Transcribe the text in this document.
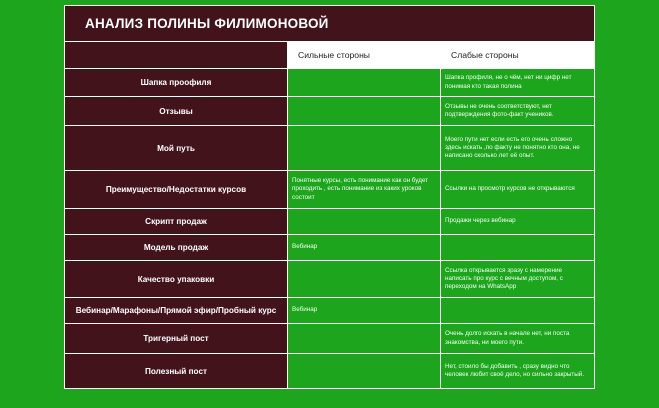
АНАЛИЗ ПОЛИНЫ ФИЛИМОНОВОЙ
	Сильные стороны	Слабые стороны
Шапка проофиля		Шапка профиля, не о чём, нет ни цифр нет понимая кто такая полина
Отзывы		Отзывы не очень соответствуют, нет подтверждения фото-факт учеников.
Мой путь		Моего пути нет если есть его очень сложно здесь искать ,по факту не понятно кто она, не написано сколько лет её опыт.
Преимущество/Недостатки курсов	Понятные курсы, есть понимание как он будет проходить , есть понимание из каких уроков состоит	Ссылки на просмотр курсов не открываются
Скрипт продаж		Продажи через вебинар
Модель продаж	Вебинар	
Качество упаковки		Ссылка открывается зразу с намерение написать про курс с вечным доступом, с переходом на WhatsApp
Вебинар/Марафоны/Прямой эфир/Пробный курс	Вебинар	
Тригерный пост		Очень долго искать в начале нет, ни поста знакомства, ни моего пути.
Полезный пост		Нет, стоило бы добавить , сразу видно что человек любит своё дело, но сильно закрытый.
